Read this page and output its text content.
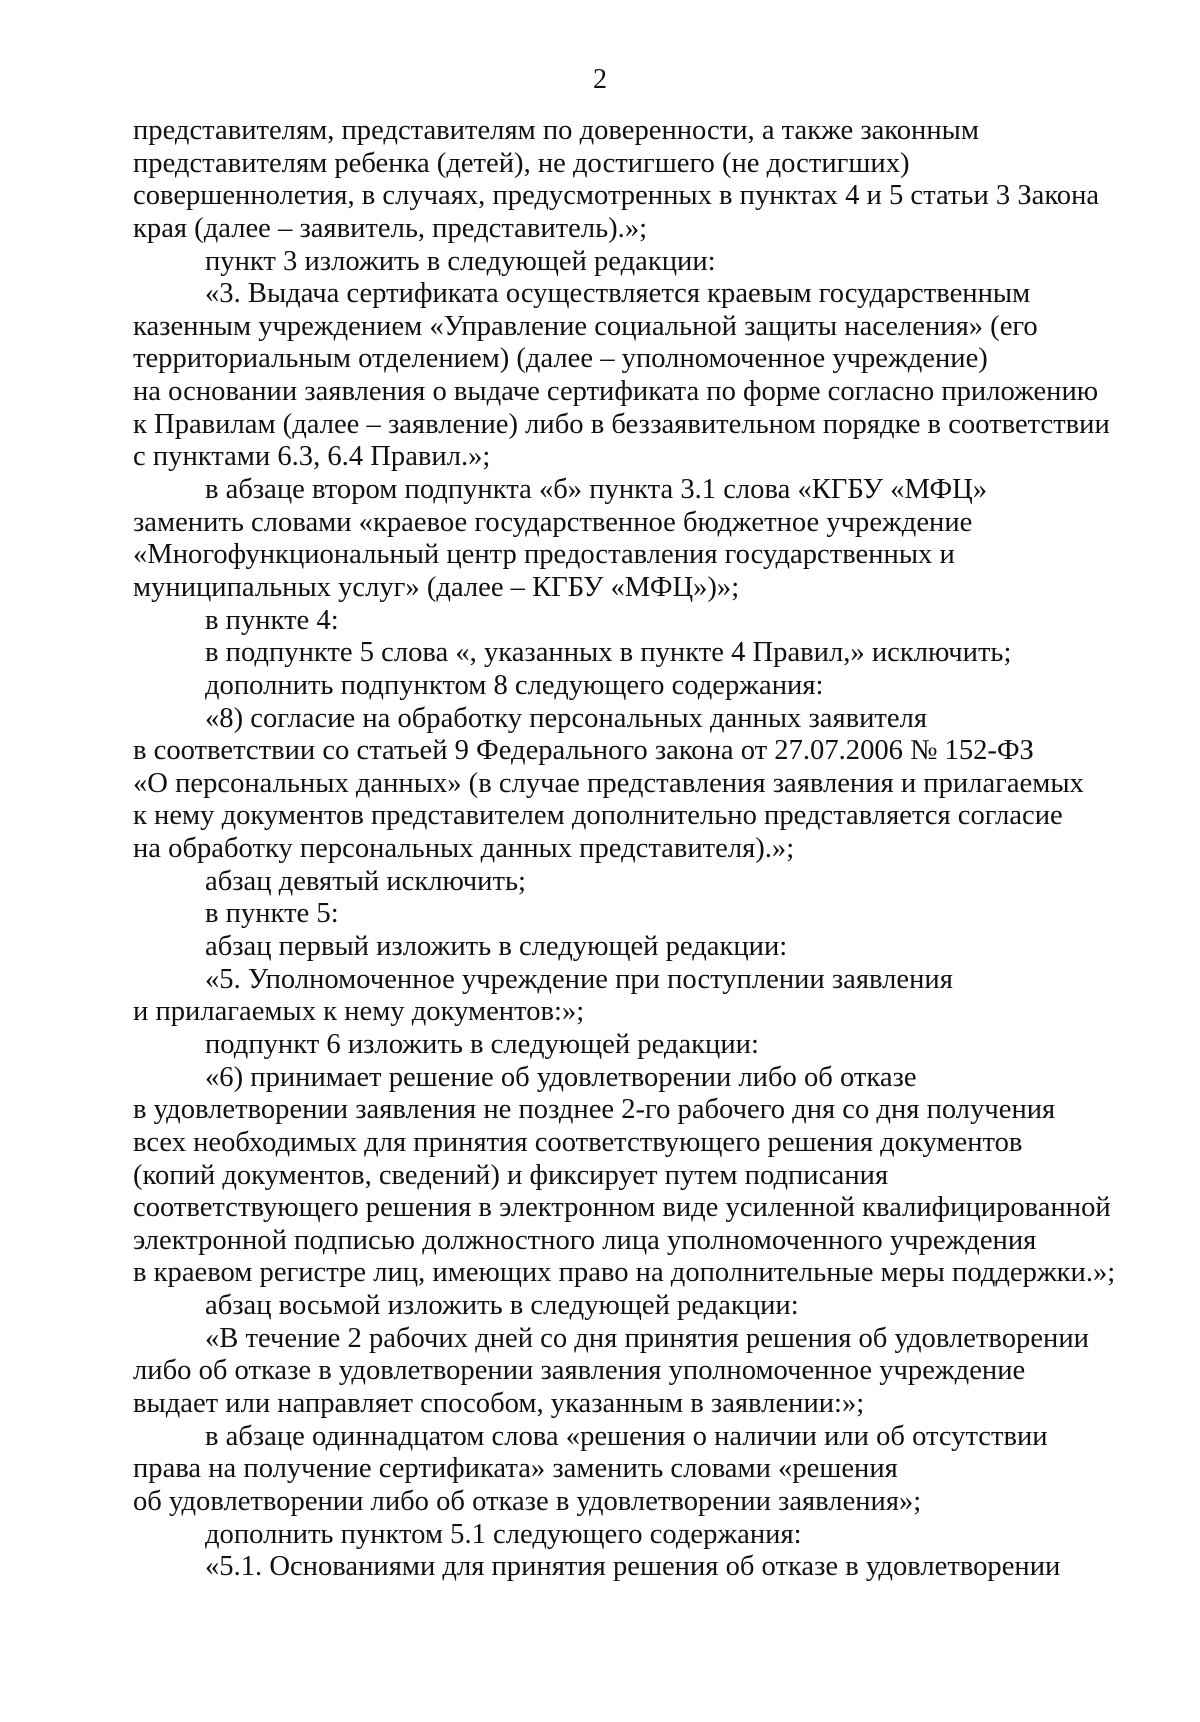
2
представителям, представителям по доверенности, а также законным
представителям ребенка (детей), не достигшего (не достигших)
совершеннолетия, в случаях, предусмотренных в пунктах 4 и 5 статьи 3 Закона
края (далее – заявитель, представитель).»;
пункт 3 изложить в следующей редакции:
«3. Выдача сертификата осуществляется краевым государственным
казенным учреждением «Управление социальной защиты населения» (его
территориальным отделением) (далее – уполномоченное учреждение)
на основании заявления о выдаче сертификата по форме согласно приложению
к Правилам (далее – заявление) либо в беззаявительном порядке в соответствии
с пунктами 6.3, 6.4 Правил.»;
в абзаце втором подпункта «б» пункта 3.1 слова «КГБУ «МФЦ»
заменить словами «краевое государственное бюджетное учреждение
«Многофункциональный центр предоставления государственных и
муниципальных услуг» (далее – КГБУ «МФЦ»)»;
в пункте 4:
в подпункте 5 слова «, указанных в пункте 4 Правил,» исключить;
дополнить подпунктом 8 следующего содержания:
«8) согласие на обработку персональных данных заявителя
в соответствии со статьей 9 Федерального закона от 27.07.2006 № 152-ФЗ
«О персональных данных» (в случае представления заявления и прилагаемых
к нему документов представителем дополнительно представляется согласие
на обработку персональных данных представителя).»;
абзац девятый исключить;
в пункте 5:
абзац первый изложить в следующей редакции:
«5. Уполномоченное учреждение при поступлении заявления
и прилагаемых к нему документов:»;
подпункт 6 изложить в следующей редакции:
«6) принимает решение об удовлетворении либо об отказе
в удовлетворении заявления не позднее 2-го рабочего дня со дня получения
всех необходимых для принятия соответствующего решения документов
(копий документов, сведений) и фиксирует путем подписания
соответствующего решения в электронном виде усиленной квалифицированной
электронной подписью должностного лица уполномоченного учреждения
в краевом регистре лиц, имеющих право на дополнительные меры поддержки.»;
абзац восьмой изложить в следующей редакции:
«В течение 2 рабочих дней со дня принятия решения об удовлетворении
либо об отказе в удовлетворении заявления уполномоченное учреждение
выдает или направляет способом, указанным в заявлении:»;
в абзаце одиннадцатом слова «решения о наличии или об отсутствии
права на получение сертификата» заменить словами «решения
об удовлетворении либо об отказе в удовлетворении заявления»;
дополнить пунктом 5.1 следующего содержания:
«5.1. Основаниями для принятия решения об отказе в удовлетворении
